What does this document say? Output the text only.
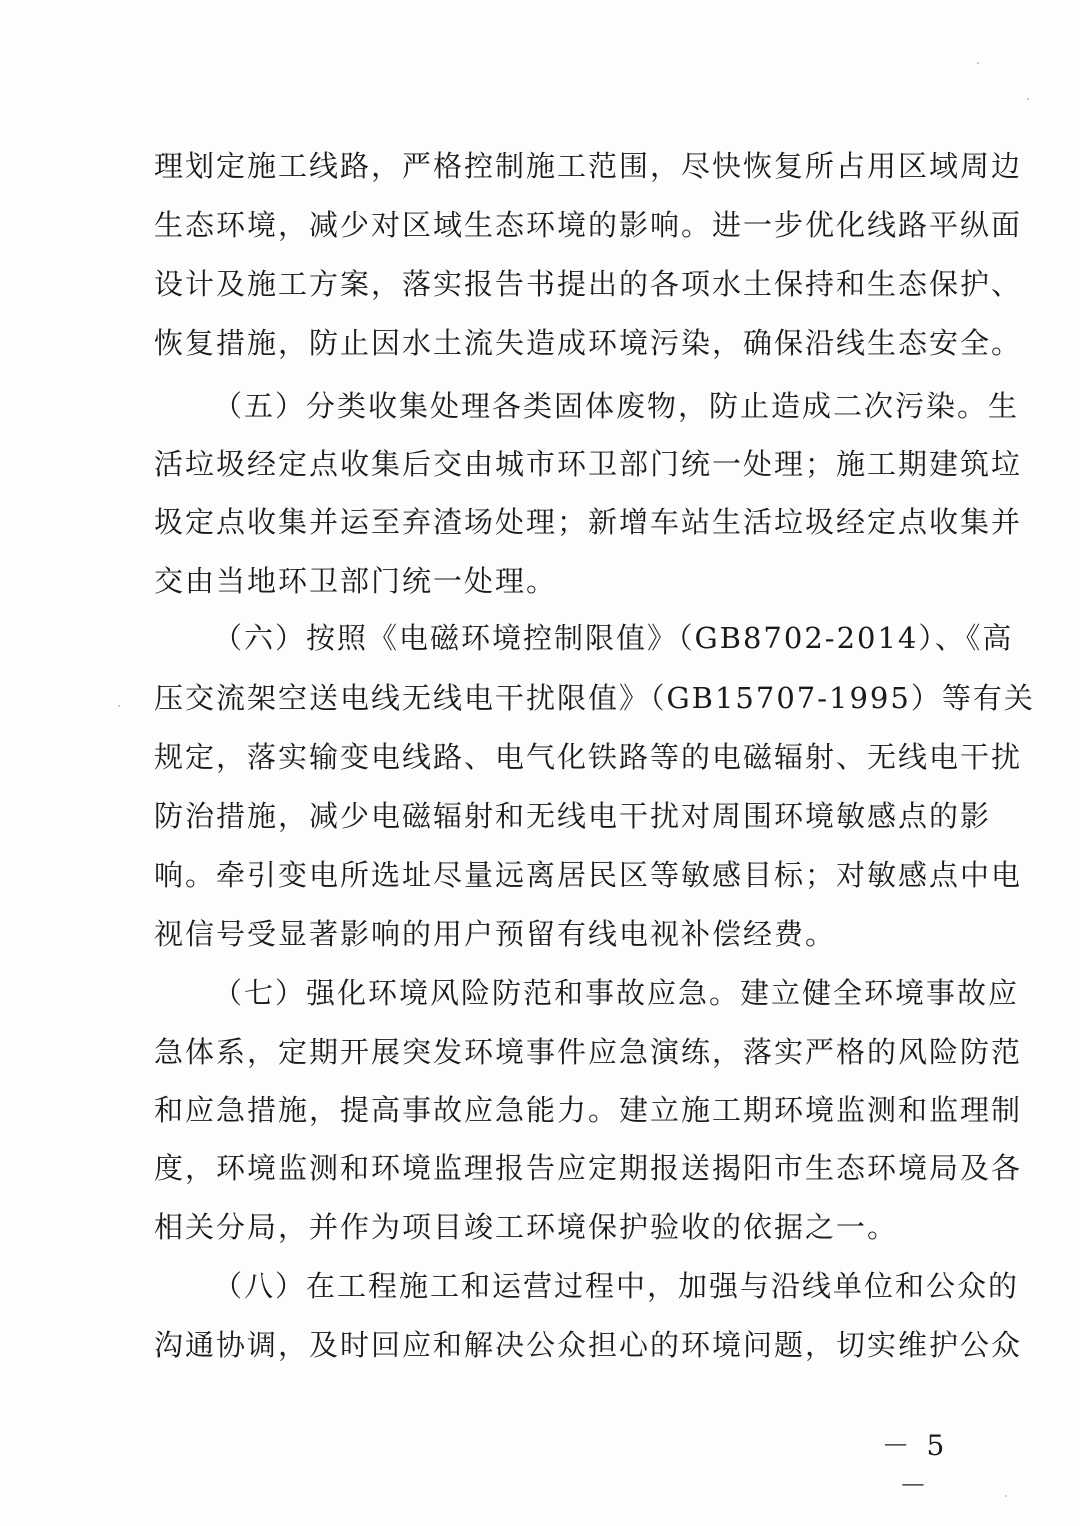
理划定施工线路，严格控制施工范围，尽快恢复所占用区域周边
生态环境，减少对区域生态环境的影响。进一步优化线路平纵面
设计及施工方案，落实报告书提出的各项水土保持和生态保护、
恢复措施，防止因水土流失造成环境污染，确保沿线生态安全。
（五）分类收集处理各类固体废物，防止造成二次污染。生
活垃圾经定点收集后交由城市环卫部门统一处理；施工期建筑垃
圾定点收集并运至弃渣场处理；新增车站生活垃圾经定点收集并
交由当地环卫部门统一处理。
（六）按照《电磁环境控制限值》（GB8702-2014）、《高
压交流架空送电线无线电干扰限值》（GB15707-1995）等有关
规定，落实输变电线路、电气化铁路等的电磁辐射、无线电干扰
防治措施，减少电磁辐射和无线电干扰对周围环境敏感点的影
响。牵引变电所选址尽量远离居民区等敏感目标；对敏感点中电
视信号受显著影响的用户预留有线电视补偿经费。
（七）强化环境风险防范和事故应急。建立健全环境事故应
急体系，定期开展突发环境事件应急演练，落实严格的风险防范
和应急措施，提高事故应急能力。建立施工期环境监测和监理制
度，环境监测和环境监理报告应定期报送揭阳市生态环境局及各
相关分局，并作为项目竣工环境保护验收的依据之一。
（八）在工程施工和运营过程中，加强与沿线单位和公众的
沟通协调，及时回应和解决公众担心的环境问题，切实维护公众
－ 5 －
